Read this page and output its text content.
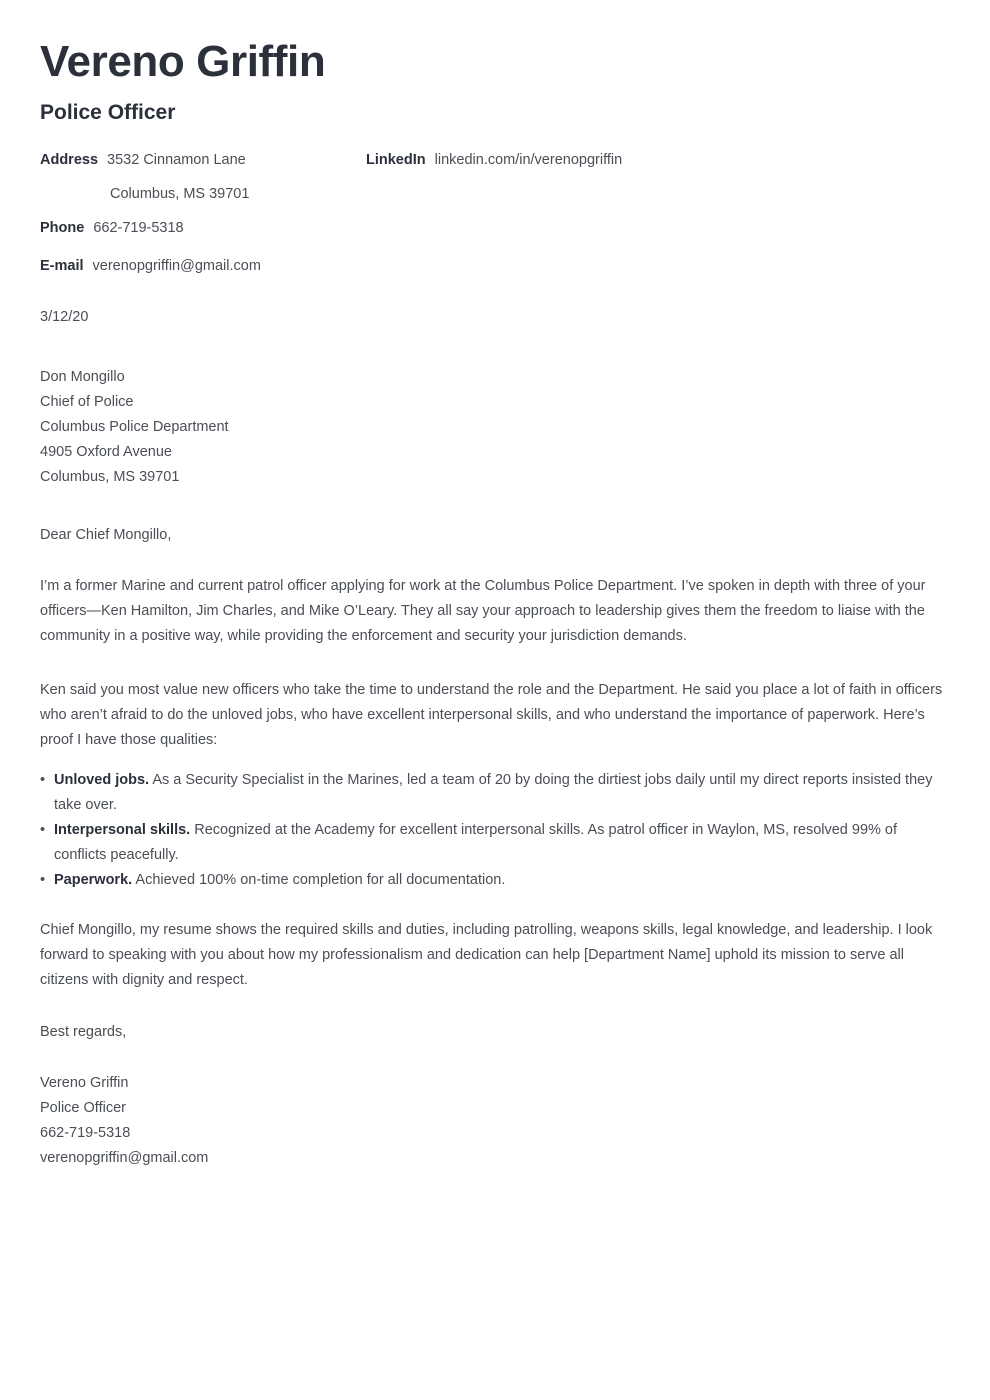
Vereno Griffin
Police Officer
Address 3532 Cinnamon Lane
Columbus, MS 39701
Phone 662-719-5318
E-mail verenopgriffin@gmail.com
LinkedIn linkedin.com/in/verenopgriffin
3/12/20
Don Mongillo
Chief of Police
Columbus Police Department
4905 Oxford Avenue
Columbus, MS 39701
Dear Chief Mongillo,

I’m a former Marine and current patrol officer applying for work at the Columbus Police Department. I’ve spoken in depth with three of your officers—Ken Hamilton, Jim Charles, and Mike O’Leary. They all say your approach to leadership gives them the freedom to liaise with the community in a positive way, while providing the enforcement and security your jurisdiction demands.

Ken said you most value new officers who take the time to understand the role and the Department. He said you place a lot of faith in officers who aren’t afraid to do the unloved jobs, who have excellent interpersonal skills, and who understand the importance of paperwork. Here’s proof I have those qualities:

• Unloved jobs. As a Security Specialist in the Marines, led a team of 20 by doing the dirtiest jobs daily until my direct reports insisted they take over.
• Interpersonal skills. Recognized at the Academy for excellent interpersonal skills. As patrol officer in Waylon, MS, resolved 99% of conflicts peacefully.
• Paperwork. Achieved 100% on-time completion for all documentation.

Chief Mongillo, my resume shows the required skills and duties, including patrolling, weapons skills, legal knowledge, and leadership. I look forward to speaking with you about how my professionalism and dedication can help [Department Name] uphold its mission to serve all citizens with dignity and respect.

Best regards,
Vereno Griffin
Police Officer
662-719-5318
verenopgriffin@gmail.com
